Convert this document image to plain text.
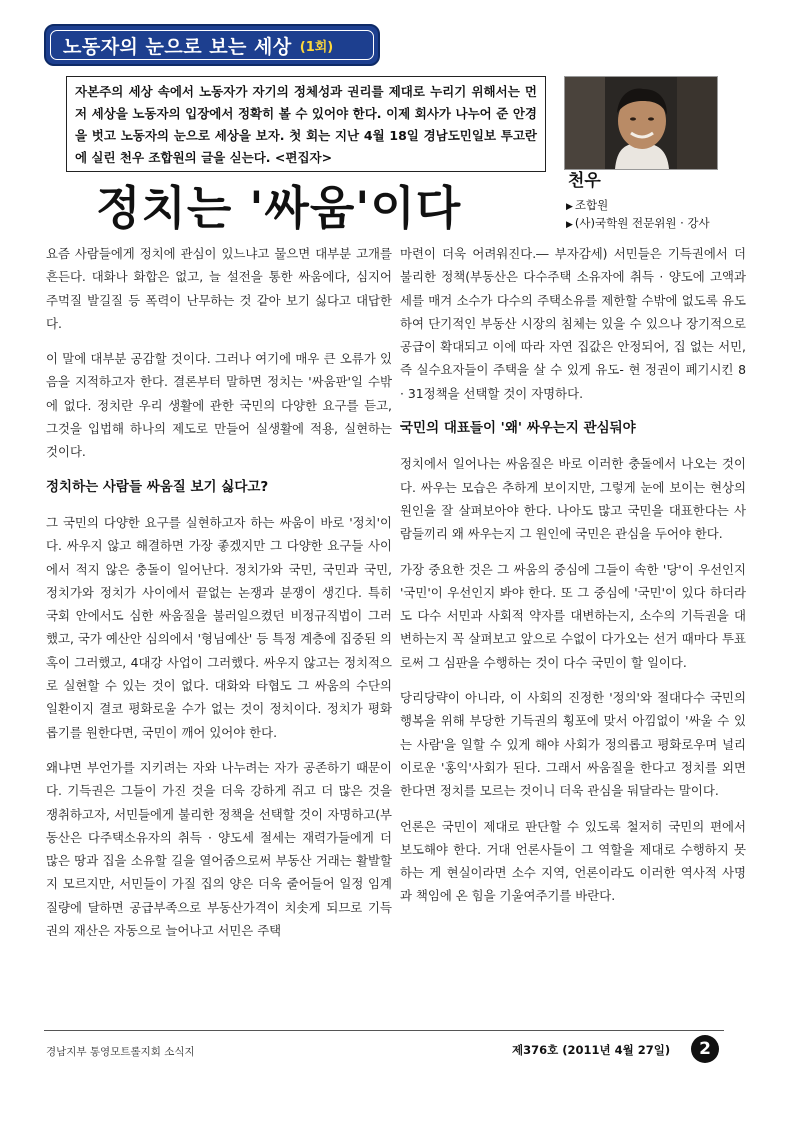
노동자의 눈으로 보는 세상 (1회)
자본주의 세상 속에서 노동자가 자기의 정체성과 권리를 제대로 누리기 위해서는 먼저 세상을 노동자의 입장에서 정확히 볼 수 있어야 한다. 이제 회사가 나누어 준 안경을 벗고 노동자의 눈으로 세상을 보자. 첫 회는 지난 4월 18일 경남도민일보 투고란에 실린 천우 조합원의 글을 싣는다. <편집자>
천우
▶ 조합원
▶ (사)국학원 전문위원 · 강사
정치는 '싸움'이다

요즘 사람들에게 정치에 관심이 있느냐고 물으면 대부분 고개를 흔든다. 대화나 화합은 없고, 늘 설전을 통한 싸움에다, 심지어 주먹질 발길질 등 폭력이 난무하는 것 같아 보기 싫다고 대답한다.

이 말에 대부분 공감할 것이다. 그러나 여기에 매우 큰 오류가 있음을 지적하고자 한다. 결론부터 말하면 정치는 '싸움판'일 수밖에 없다. 정치란 우리 생활에 관한 국민의 다양한 요구를 듣고, 그것을 입법해 하나의 제도로 만들어 실생활에 적용, 실현하는 것이다.

정치하는 사람들 싸움질 보기 싫다고?

그 국민의 다양한 요구를 실현하고자 하는 싸움이 바로 '정치'이다. 싸우지 않고 해결하면 가장 좋겠지만 그 다양한 요구들 사이에서 적지 않은 충돌이 일어난다. 정치가와 국민, 국민과 국민, 정치가와 정치가 사이에서 끝없는 논쟁과 분쟁이 생긴다. 특히 국회 안에서도 심한 싸움질을 불러일으켰던 비정규직법이 그러했고, 국가 예산안 심의에서 '형님예산' 등 특정 계층에 집중된 의혹이 그러했고, 4대강 사업이 그러했다. 싸우지 않고는 정치적으로 실현할 수 있는 것이 없다. 대화와 타협도 그 싸움의 수단의 일환이지 결코 평화로울 수가 없는 것이 정치이다. 정치가 평화롭기를 원한다면, 국민이 깨어 있어야 한다.

왜냐면 부언가를 지키려는 자와 나누려는 자가 공존하기 때문이다. 기득권은 그들이 가진 것을 더욱 강하게 쥐고 더 많은 것을 쟁취하고자, 서민들에게 불리한 정책을 선택할 것이 자명하고(부동산은 다주택소유자의 취득 · 양도세 절세는 재력가들에게 더 많은 땅과 집을 소유할 길을 열어줌으로써 부동산 거래는 활발할지 모르지만, 서민들이 가질 집의 양은 더욱 줄어들어 일정 임계질량에 달하면 공급부족으로 부동산가격이 치솟게 되므로 기득권의 재산은 자동으로 늘어나고 서민은 주택

마련이 더욱 어려워진다.― 부자감세) 서민들은 기득권에서 더 불리한 정책(부동산은 다수주택 소유자에 취득 · 양도에 고액과세를 매겨 소수가 다수의 주택소유를 제한할 수밖에 없도록 유도하여 단기적인 부동산 시장의 침체는 있을 수 있으나 장기적으로 공급이 확대되고 이에 따라 자연 집값은 안정되어, 집 없는 서민, 즉 실수요자들이 주택을 살 수 있게 유도- 현 정권이 폐기시킨 8 · 31정책을 선택할 것이 자명하다.

국민의 대표들이 '왜' 싸우는지 관심둬야

정치에서 일어나는 싸움질은 바로 이러한 충돌에서 나오는 것이다. 싸우는 모습은 추하게 보이지만, 그렇게 눈에 보이는 현상의 원인을 잘 살펴보아야 한다. 나아도 많고 국민을 대표한다는 사람들끼리 왜 싸우는지 그 원인에 국민은 관심을 두어야 한다.

가장 중요한 것은 그 싸움의 중심에 그들이 속한 '당'이 우선인지 '국민'이 우선인지 봐야 한다. 또 그 중심에 '국민'이 있다 하더라도 다수 서민과 사회적 약자를 대변하는지, 소수의 기득권을 대변하는지 꼭 살펴보고 앞으로 수없이 다가오는 선거 때마다 투표로써 그 심판을 수행하는 것이 다수 국민이 할 일이다.

당리당략이 아니라, 이 사회의 진정한 '정의'와 절대다수 국민의 행복을 위해 부당한 기득권의 횡포에 맞서 아낌없이 '싸울 수 있는 사람'을 일할 수 있게 해야 사회가 정의롭고 평화로우며 널리 이로운 '홍익'사회가 된다. 그래서 싸움질을 한다고 정치를 외면한다면 정치를 모르는 것이니 더욱 관심을 둬달라는 말이다.

언론은 국민이 제대로 판단할 수 있도록 철저히 국민의 편에서 보도해야 한다. 거대 언론사들이 그 역할을 제대로 수행하지 못하는 게 현실이라면 소수 지역, 언론이라도 이러한 역사적 사명과 책임에 온 힘을 기울여주기를 바란다.

경남지부 통영모트롤지회 소식지	제376호 (2011년 4월 27일)	2
